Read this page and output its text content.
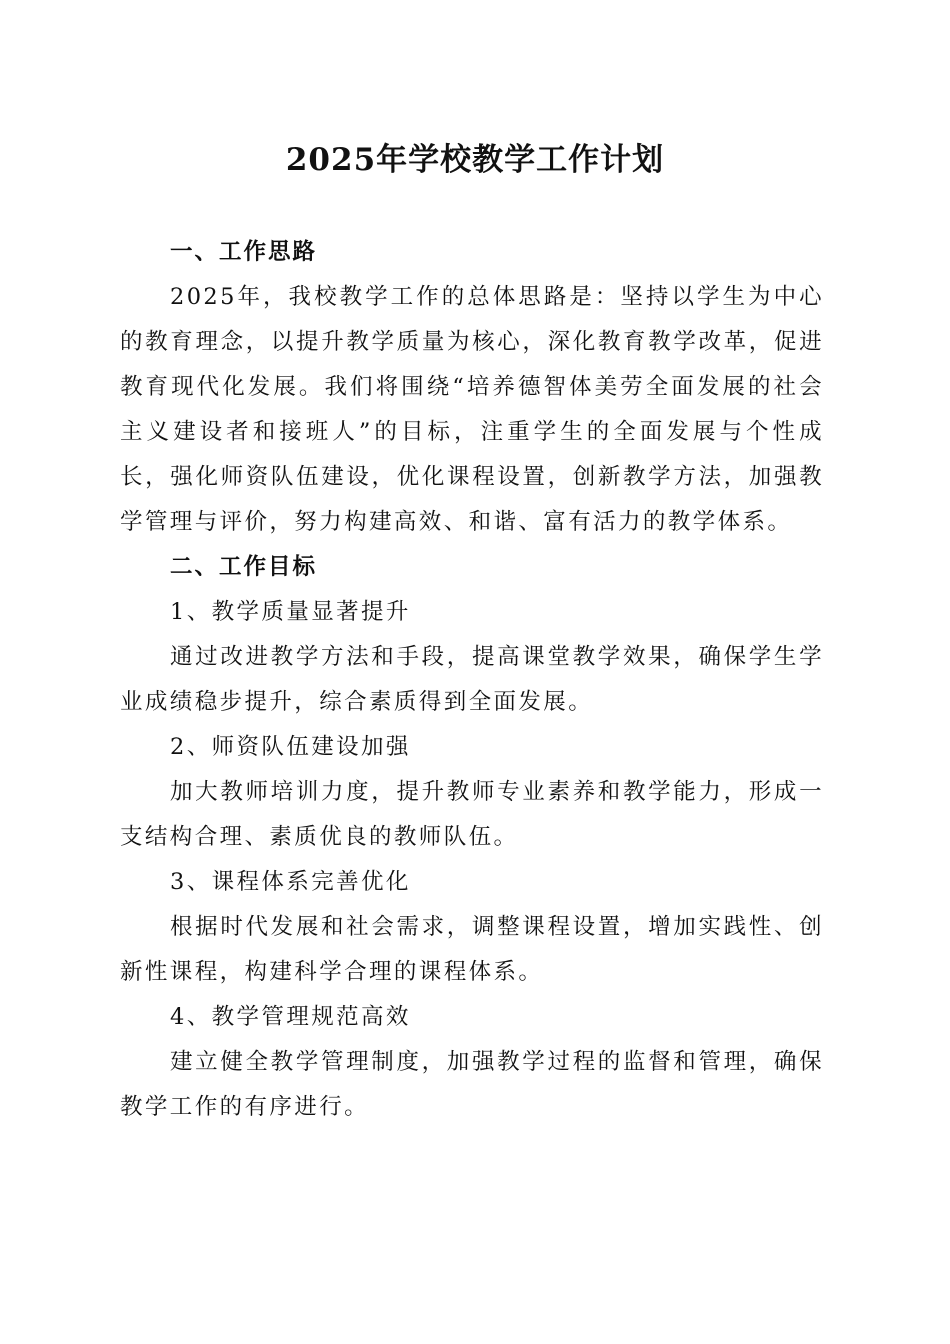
2025年学校教学工作计划

一、工作思路

2025年，我校教学工作的总体思路是：坚持以学生为中心的教育理念，以提升教学质量为核心，深化教育教学改革，促进教育现代化发展。我们将围绕“培养德智体美劳全面发展的社会主义建设者和接班人”的目标，注重学生的全面发展与个性成长，强化师资队伍建设，优化课程设置，创新教学方法，加强教学管理与评价，努力构建高效、和谐、富有活力的教学体系。

二、工作目标

1、教学质量显著提升

通过改进教学方法和手段，提高课堂教学效果，确保学生学业成绩稳步提升，综合素质得到全面发展。

2、师资队伍建设加强

加大教师培训力度，提升教师专业素养和教学能力，形成一支结构合理、素质优良的教师队伍。

3、课程体系完善优化

根据时代发展和社会需求，调整课程设置，增加实践性、创新性课程，构建科学合理的课程体系。

4、教学管理规范高效

建立健全教学管理制度，加强教学过程的监督和管理，确保教学工作的有序进行。
